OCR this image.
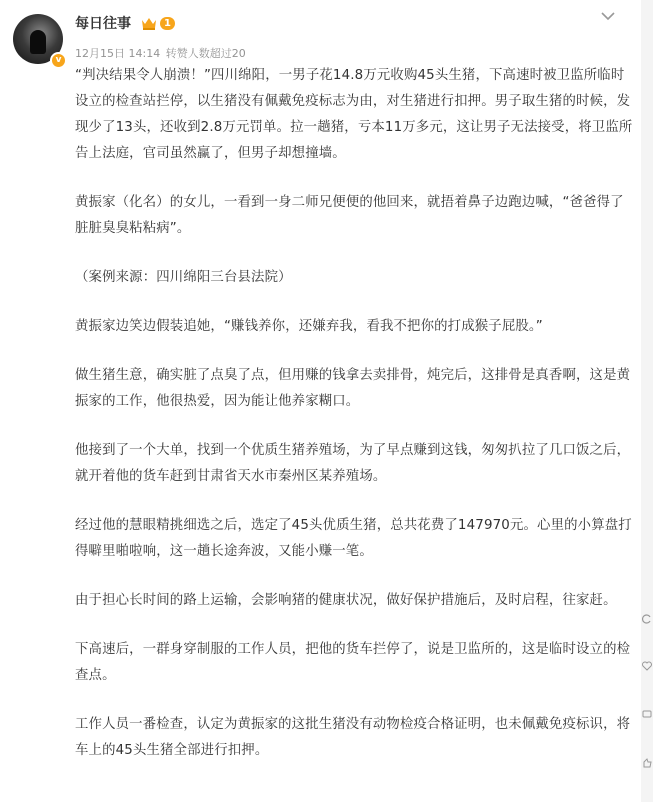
v
每日往事	1
12月15日 14:14 转赞人数超过20

“判决结果令人崩溃！”四川绵阳，一男子花14.8万元收购45头生猪，下高速时被卫监所临时设立的检查站拦停，以生猪没有佩戴免疫标志为由，对生猪进行扣押。男子取生猪的时候，发现少了13头，还收到2.8万元罚单。拉一趟猪，亏本11万多元，这让男子无法接受，将卫监所告上法庭，官司虽然赢了，但男子却想撞墙。

黄振家（化名）的女儿，一看到一身二师兄便便的他回来，就捂着鼻子边跑边喊，“爸爸得了脏脏臭臭粘粘病”。

（案例来源：四川绵阳三台县法院）

黄振家边笑边假装追她，“赚钱养你，还嫌弃我，看我不把你的打成猴子屁股。”

做生猪生意，确实脏了点臭了点，但用赚的钱拿去卖排骨，炖完后，这排骨是真香啊，这是黄振家的工作，他很热爱，因为能让他养家糊口。

他接到了一个大单，找到一个优质生猪养殖场，为了早点赚到这钱，匆匆扒拉了几口饭之后，就开着他的货车赶到甘肃省天水市秦州区某养殖场。

经过他的慧眼精挑细选之后，选定了45头优质生猪，总共花费了147970元。心里的小算盘打得噼里啪啦响，这一趟长途奔波，又能小赚一笔。

由于担心长时间的路上运输，会影响猪的健康状况，做好保护措施后，及时启程，往家赶。

下高速后，一群身穿制服的工作人员，把他的货车拦停了，说是卫监所的，这是临时设立的检查点。

工作人员一番检查，认定为黄振家的这批生猪没有动物检疫合格证明，也未佩戴免疫标识，将车上的45头生猪全部进行扣押。
